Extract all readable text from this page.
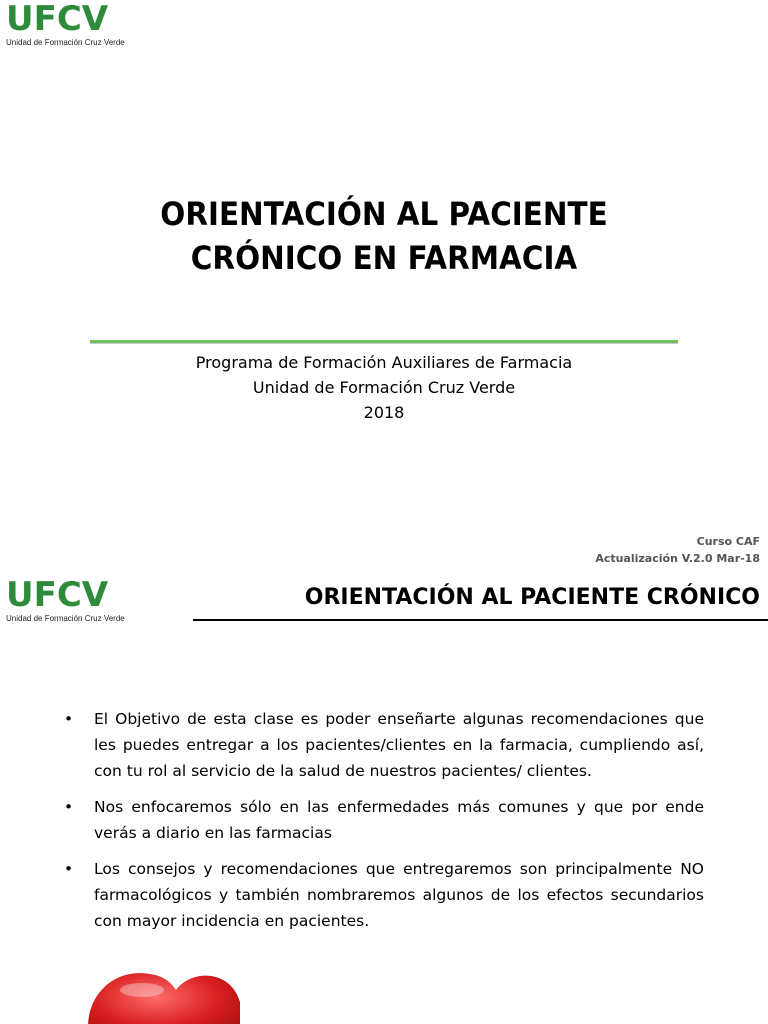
UFCV
Unidad de Formación Cruz Verde
ORIENTACIÓN AL PACIENTE
CRÓNICO EN FARMACIA
Programa de Formación Auxiliares de Farmacia
Unidad de Formación Cruz Verde
2018
Curso CAF
Actualización V.2.0 Mar-18
UFCV
Unidad de Formación Cruz Verde
ORIENTACIÓN AL PACIENTE CRÓNICO
• El Objetivo de esta clase es poder enseñarte algunas recomendaciones que les puedes entregar a los pacientes/clientes en la farmacia, cumpliendo así, con tu rol al servicio de la salud de nuestros pacientes/ clientes.
• Nos enfocaremos sólo en las enfermedades más comunes y que por ende verás a diario en las farmacias
• Los consejos y recomendaciones que entregaremos son principalmente NO farmacológicos y también nombraremos algunos de los efectos secundarios con mayor incidencia en pacientes.
